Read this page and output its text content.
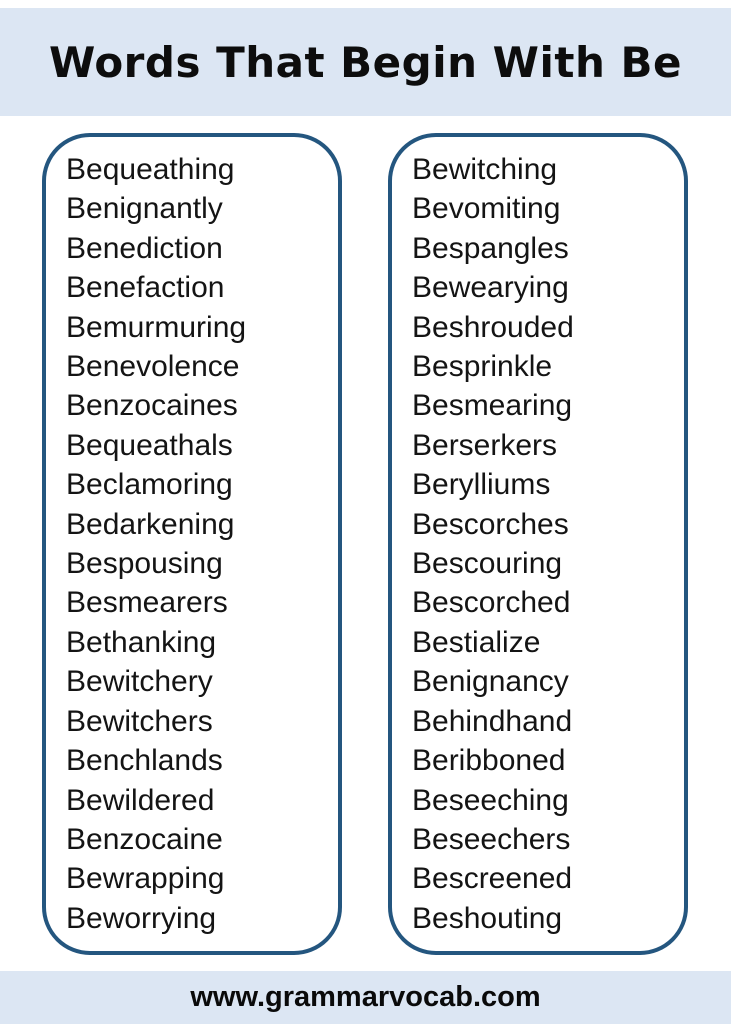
Words That Begin With Be
Bequeathing
Benignantly
Benediction
Benefaction
Bemurmuring
Benevolence
Benzocaines
Bequeathals
Beclamoring
Bedarkening
Bespousing
Besmearers
Bethanking
Bewitchery
Bewitchers
Benchlands
Bewildered
Benzocaine
Bewrapping
Beworrying
Bewitching
Bevomiting
Bespangles
Bewearying
Beshrouded
Besprinkle
Besmearing
Berserkers
Berylliums
Bescorches
Bescouring
Bescorched
Bestialize
Benignancy
Behindhand
Beribboned
Beseeching
Beseechers
Bescreened
Beshouting
www.grammarvocab.com
